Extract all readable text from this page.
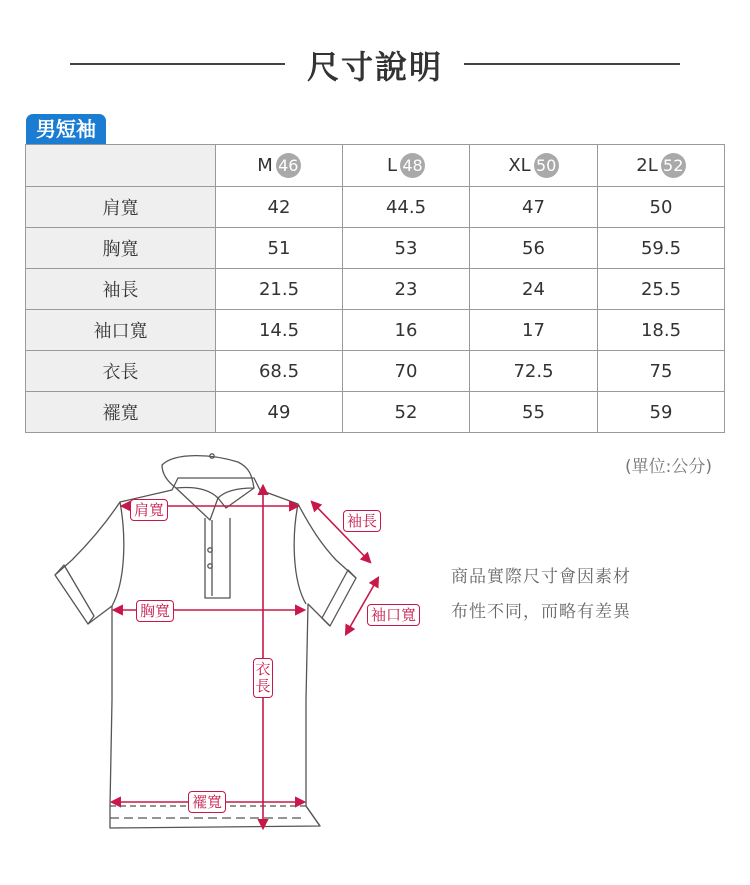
尺寸說明
男短袖
	M 46	L 48	XL 50	2L 52
肩寬	42	44.5	47	50
胸寬	51	53	56	59.5
袖長	21.5	23	24	25.5
袖口寬	14.5	16	17	18.5
衣長	68.5	70	72.5	75
襬寬	49	52	55	59
(單位:公分)
肩寬
胸寬
袖長
袖口寬
衣長
襬寬
商品實際尺寸會因素材
布性不同，而略有差異
